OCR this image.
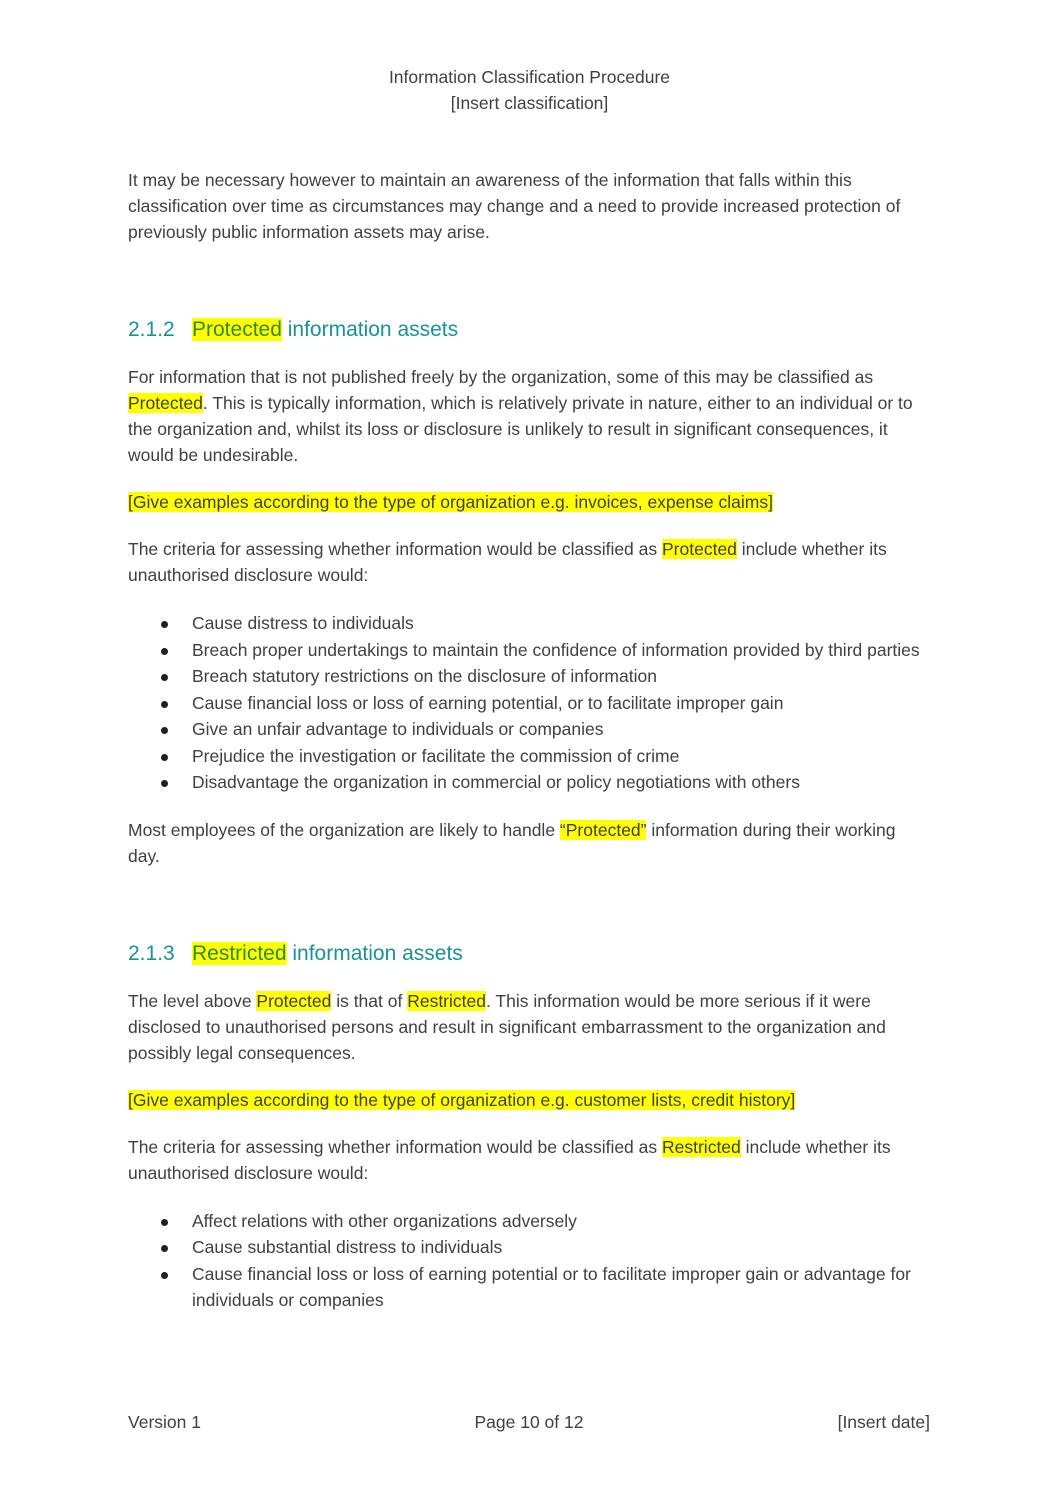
Information Classification Procedure
[Insert classification]

It may be necessary however to maintain an awareness of the information that falls within this classification over time as circumstances may change and a need to provide increased protection of previously public information assets may arise.

2.1.2 Protected information assets

For information that is not published freely by the organization, some of this may be classified as Protected. This is typically information, which is relatively private in nature, either to an individual or to the organization and, whilst its loss or disclosure is unlikely to result in significant consequences, it would be undesirable.

[Give examples according to the type of organization e.g. invoices, expense claims]

The criteria for assessing whether information would be classified as Protected include whether its unauthorised disclosure would:

Cause distress to individuals
Breach proper undertakings to maintain the confidence of information provided by third parties
Breach statutory restrictions on the disclosure of information
Cause financial loss or loss of earning potential, or to facilitate improper gain
Give an unfair advantage to individuals or companies
Prejudice the investigation or facilitate the commission of crime
Disadvantage the organization in commercial or policy negotiations with others

Most employees of the organization are likely to handle “Protected” information during their working day.

2.1.3 Restricted information assets

The level above Protected is that of Restricted. This information would be more serious if it were disclosed to unauthorised persons and result in significant embarrassment to the organization and possibly legal consequences.

[Give examples according to the type of organization e.g. customer lists, credit history]

The criteria for assessing whether information would be classified as Restricted include whether its unauthorised disclosure would:

Affect relations with other organizations adversely
Cause substantial distress to individuals
Cause financial loss or loss of earning potential or to facilitate improper gain or advantage for individuals or companies
Version 1	Page 10 of 12	[Insert date]
